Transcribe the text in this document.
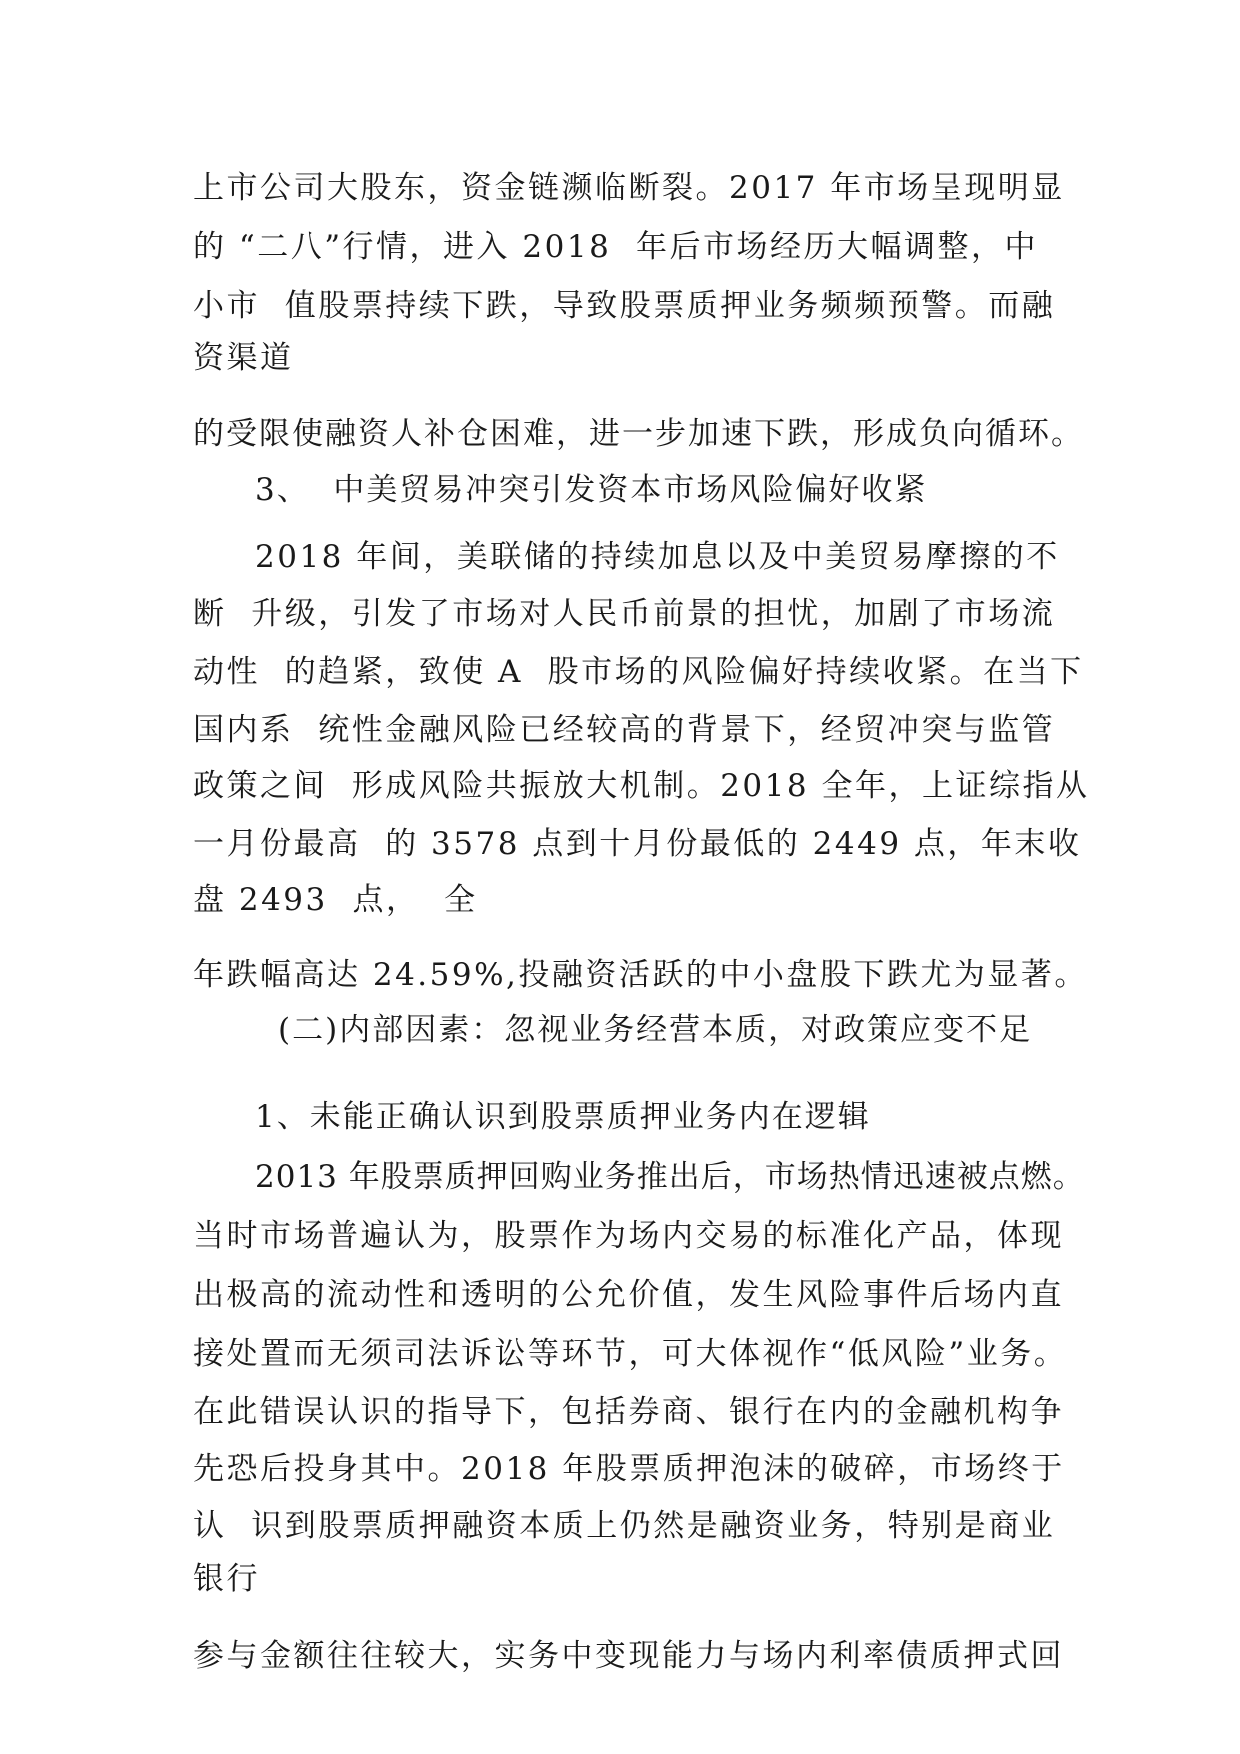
上市公司大股东，资金链濒临断裂。2017 年市场呈现明显

的 “二八”行情，进入 2018  年后市场经历大幅调整，中

小市  值股票持续下跌，导致股票质押业务频频预警。而融

资渠道

的受限使融资人补仓困难，进一步加速下跌，形成负向循环。

3、  中美贸易冲突引发资本市场风险偏好收紧

2018 年间，美联储的持续加息以及中美贸易摩擦的不

断  升级，引发了市场对人民币前景的担忧，加剧了市场流

动性  的趋紧，致使 A  股市场的风险偏好持续收紧。在当下

国内系  统性金融风险已经较高的背景下，经贸冲突与监管

政策之间  形成风险共振放大机制。2018 全年，上证综指从

一月份最高  的 3578 点到十月份最低的 2449 点，年末收

盘 2493  点，  全

年跌幅高达 24.59%,投融资活跃的中小盘股下跌尤为显著。

(二)内部因素：忽视业务经营本质，对政策应变不足

1、未能正确认识到股票质押业务内在逻辑

2013 年股票质押回购业务推出后，市场热情迅速被点燃。

当时市场普遍认为，股票作为场内交易的标准化产品，体现

出极高的流动性和透明的公允价值，发生风险事件后场内直

接处置而无须司法诉讼等环节，可大体视作“低风险”业务。

在此错误认识的指导下，包括券商、银行在内的金融机构争

先恐后投身其中。2018 年股票质押泡沫的破碎，市场终于

认  识到股票质押融资本质上仍然是融资业务，特别是商业

银行

参与金额往往较大，实务中变现能力与场内利率债质押式回
